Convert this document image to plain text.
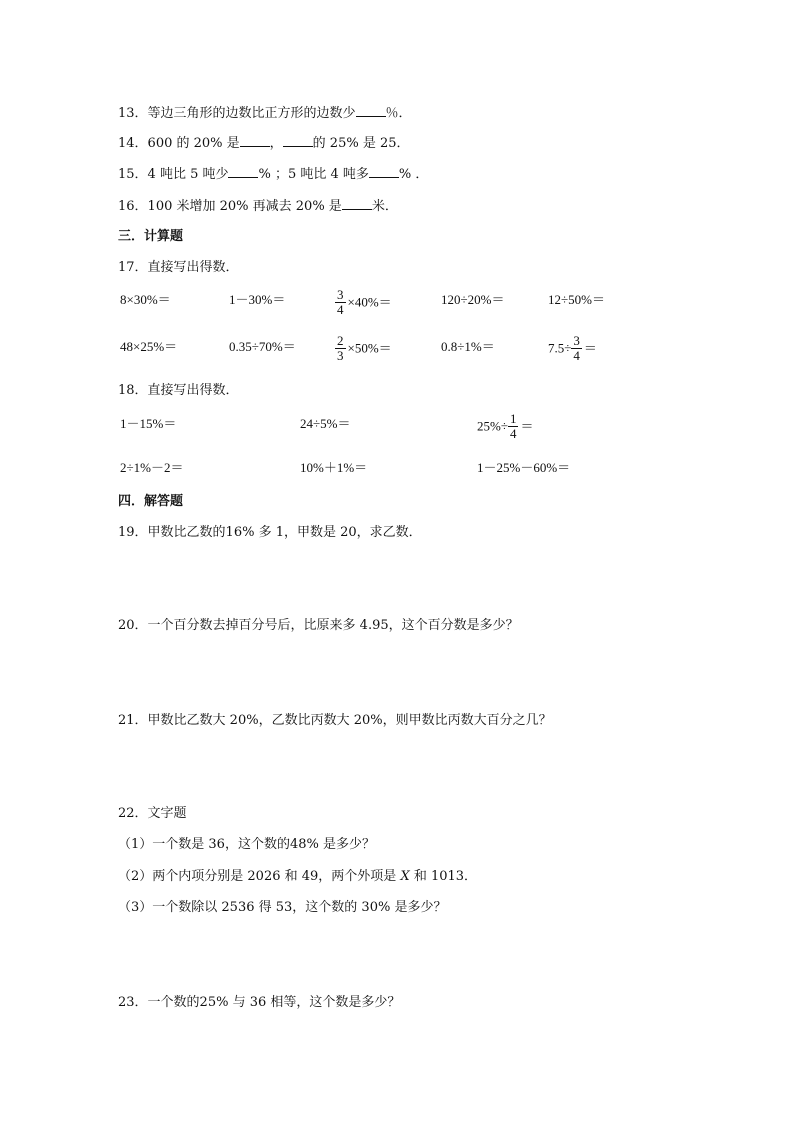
13．等边三角形的边数比正方形的边数少 ％．
14．600 的 20% 是 ， 的 25% 是 25．
15．4 吨比 5 吨少 % ；5 吨比 4 吨多 % ．
16．100 米增加 20% 再减去 20% 是 米．
三．计算题
17．直接写出得数．
8×30%＝	1－30%＝	$\frac{3}{4} \times 40\%=$	120÷20%＝	12÷50%＝
48×25%＝	0.35÷70%＝	$\frac{2}{3} \times 50\%=$	0.8÷1%＝	$7.5\div \frac{3}{4}$ ＝
18．直接写出得数．
1－15%＝	24÷5%＝	$25\%\div \frac{1}{4}$ ＝
2÷1%－2＝	10%＋1%＝	1－25%－60%＝
四．解答题
19．甲数比乙数的16% 多 1，甲数是 20，求乙数．
20．一个百分数去掉百分号后，比原来多 4.95，这个百分数是多少？
21．甲数比乙数大 20%，乙数比丙数大 20%，则甲数比丙数大百分之几？
22．文字题
（1）一个数是 36，这个数的48% 是多少？
（2）两个内项分别是 2026 和 49，两个外项是 X 和 1013．
（3）一个数除以 2536 得 53，这个数的 30% 是多少？
23．一个数的25% 与 36 相等，这个数是多少？
